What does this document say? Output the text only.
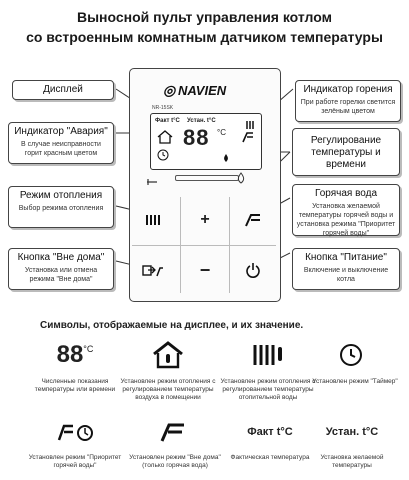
Выносной пульт управления котлом
со встроенным комнатным датчиком температуры
◎ NAVIEN
NR-15SK
Факт t°C Устан. t°C
88 °C
+
−
Дисплей
Индикатор "Авария"
В случае неисправности горит красным цветом
Режим отопления
Выбор режима отопления
Кнопка "Вне дома"
Установка или отмена режима "Вне дома"
Индикатор горения
При работе горелки светится зелёным цветом
Регулирование температуры и времени
Горячая вода
Установка желаемой температуры горячей воды и установка режима "Приоритет горячей воды"
Кнопка "Питание"
Включение и выключение котла
Символы, отображаемые на дисплее, и их значение.
88 °C
Численные показания температуры или времени
Установлен режим отопления с регулированием температуры воздуха в помещении
Установлен режим отопления с регулированием температуры отопительной воды
Установлен режим "Таймер"
Факт t°C	Устан. t°C
Установлен режим "Приоритет горячей воды"
Установлен режим "Вне дома" (только горячая вода)
Фактическая температура	Установка желаемой температуры
